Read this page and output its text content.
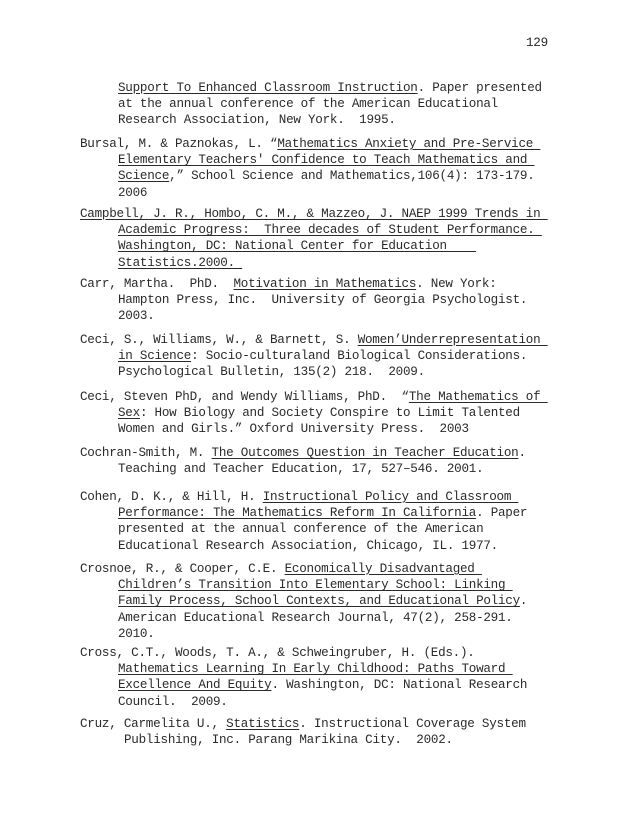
129
Support To Enhanced Classroom Instruction. Paper presented
at the annual conference of the American Educational
Research Association, New York.  1995.
Bursal, M. & Paznokas, L. “Mathematics Anxiety and Pre-Service
Elementary Teachers' Confidence to Teach Mathematics and
Science,” School Science and Mathematics,106(4): 173-179.
2006
Campbell, J. R., Hombo, C. M., & Mazzeo, J. NAEP 1999 Trends in
Academic Progress:  Three decades of Student Performance.
Washington, DC: National Center for Education
Statistics.2000.
Carr, Martha.  PhD.  Motivation in Mathematics. New York:
Hampton Press, Inc.  University of Georgia Psychologist.
2003.
Ceci, S., Williams, W., & Barnett, S. Women’Underrepresentation
in Science: Socio-culturaland Biological Considerations.
Psychological Bulletin, 135(2) 218.  2009.
Ceci, Steven PhD, and Wendy Williams, PhD.  “The Mathematics of
Sex: How Biology and Society Conspire to Limit Talented
Women and Girls.” Oxford University Press.  2003
Cochran-Smith, M. The Outcomes Question in Teacher Education.
Teaching and Teacher Education, 17, 527–546. 2001.
Cohen, D. K., & Hill, H. Instructional Policy and Classroom
Performance: The Mathematics Reform In California. Paper
presented at the annual conference of the American
Educational Research Association, Chicago, IL. 1977.
Crosnoe, R., & Cooper, C.E. Economically Disadvantaged
Children’s Transition Into Elementary School: Linking
Family Process, School Contexts, and Educational Policy.
American Educational Research Journal, 47(2), 258-291.
2010.
Cross, C.T., Woods, T. A., & Schweingruber, H. (Eds.).
Mathematics Learning In Early Childhood: Paths Toward
Excellence And Equity. Washington, DC: National Research
Council.  2009.
Cruz, Carmelita U., Statistics. Instructional Coverage System
Publishing, Inc. Parang Marikina City.  2002.
